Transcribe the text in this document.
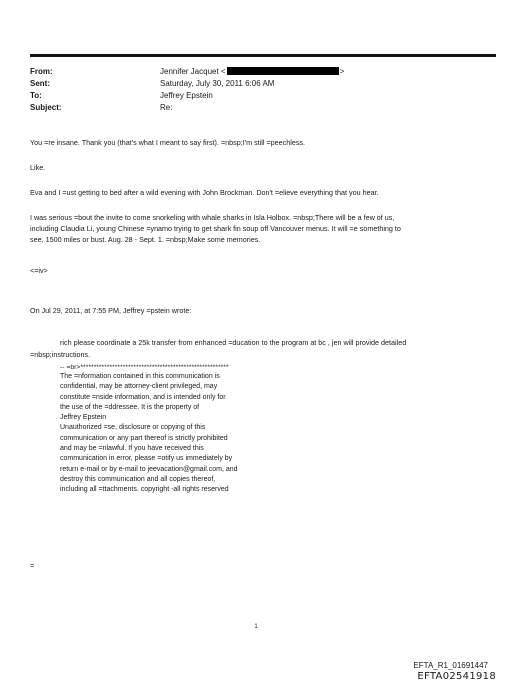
From:	Jennifer Jacquet <	>
Sent:	Saturday, July 30, 2011 6:06 AM
To:	Jeffrey Epstein
Subject:	Re:

You =re insane. Thank you (that's what I meant to say first). =nbsp;I'm still =peechless.

Like.

Eva and I =ust getting to bed after a wild evening with John Brockman. Don't =elieve everything that you hear.

I was serious =bout the invite to come snorkeling with whale sharks in Isla Holbox. =nbsp;There will be a few of us,
including Claudia Li, young Chinese =ynamo trying to get shark fin soup off Vancouver menus. It will =e something to
see, 1500 miles or bust. Aug. 28 - Sept. 1. =nbsp;Make some memories.

<=iv>

On Jul 29, 2011, at 7:55 PM, Jeffrey =pstein wrote:

rich please coordinate a 25k transfer from enhanced =ducation to the program at bc , jen will provide detailed

=nbsp;instructions.

-- =br>********************************************************

The =nformation contained in this communication is
confidential, may be attorney-client privileged, may
constitute =nside information, and is intended only for
the use of the =ddressee. It is the property of
Jeffrey Epstein
Unauthorized =se, disclosure or copying of this
communication or any part thereof is strictly prohibited
and may be =nlawful. If you have received this
communication in error, please =otify us immediately by
return e-mail or by e-mail to jeevacation@gmail.com, and
destroy this communication and all copies thereof,
including all =ttachments. copyright -all rights reserved

=

1
EFTA_R1_01691447
EFTA02541918
